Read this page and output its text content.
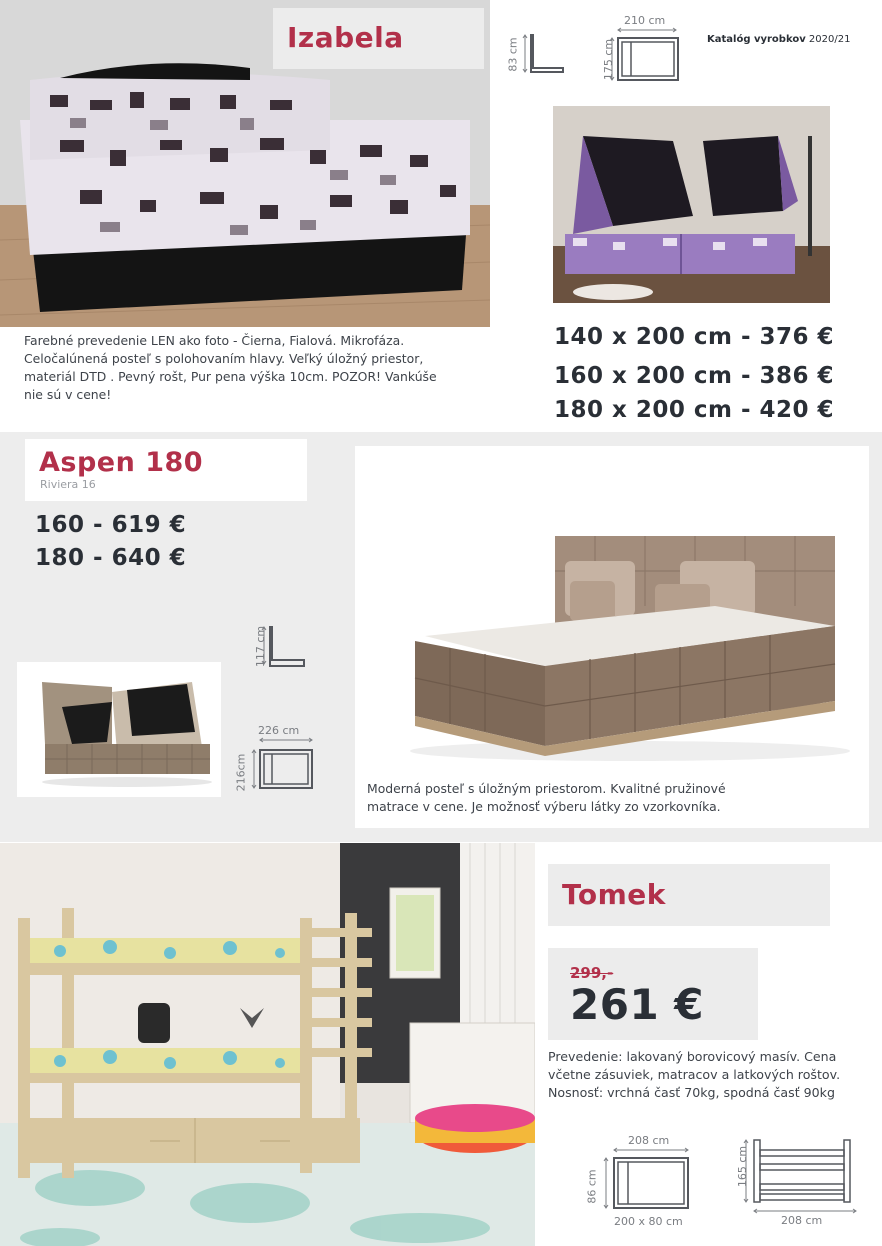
Izabela	83 cm
210 cm
175 cm	Katalóg vyrobkov 2020/21
Farebné prevedenie LEN ako foto - Čierna, Fialová. Mikrofáza.
Celočalúnená posteľ s polohovaním hlavy. Veľký úložný priestor,
materiál DTD . Pevný rošt, Pur pena výška 10cm. POZOR! Vankúše
nie sú v cene!
140 x 200 cm - 376 €
160 x 200 cm - 386 €
180 x 200 cm - 420 €
Aspen 180
Riviera 16
160 - 619 €
180 - 640 €
117 cm
226 cm
216cm	Moderná posteľ s úložným priestorom. Kvalitné pružinové
matrace v cene. Je možnosť výberu látky zo vzorkovníka.
Tomek
299,-
261 €
Prevedenie: lakovaný borovicový masív. Cena
včetne zásuviek, matracov a latkových roštov.
Nosnosť: vrchná časť 70kg, spodná časť 90kg
208 cm
86 cm
200 x 80 cm
165 cm
208 cm
